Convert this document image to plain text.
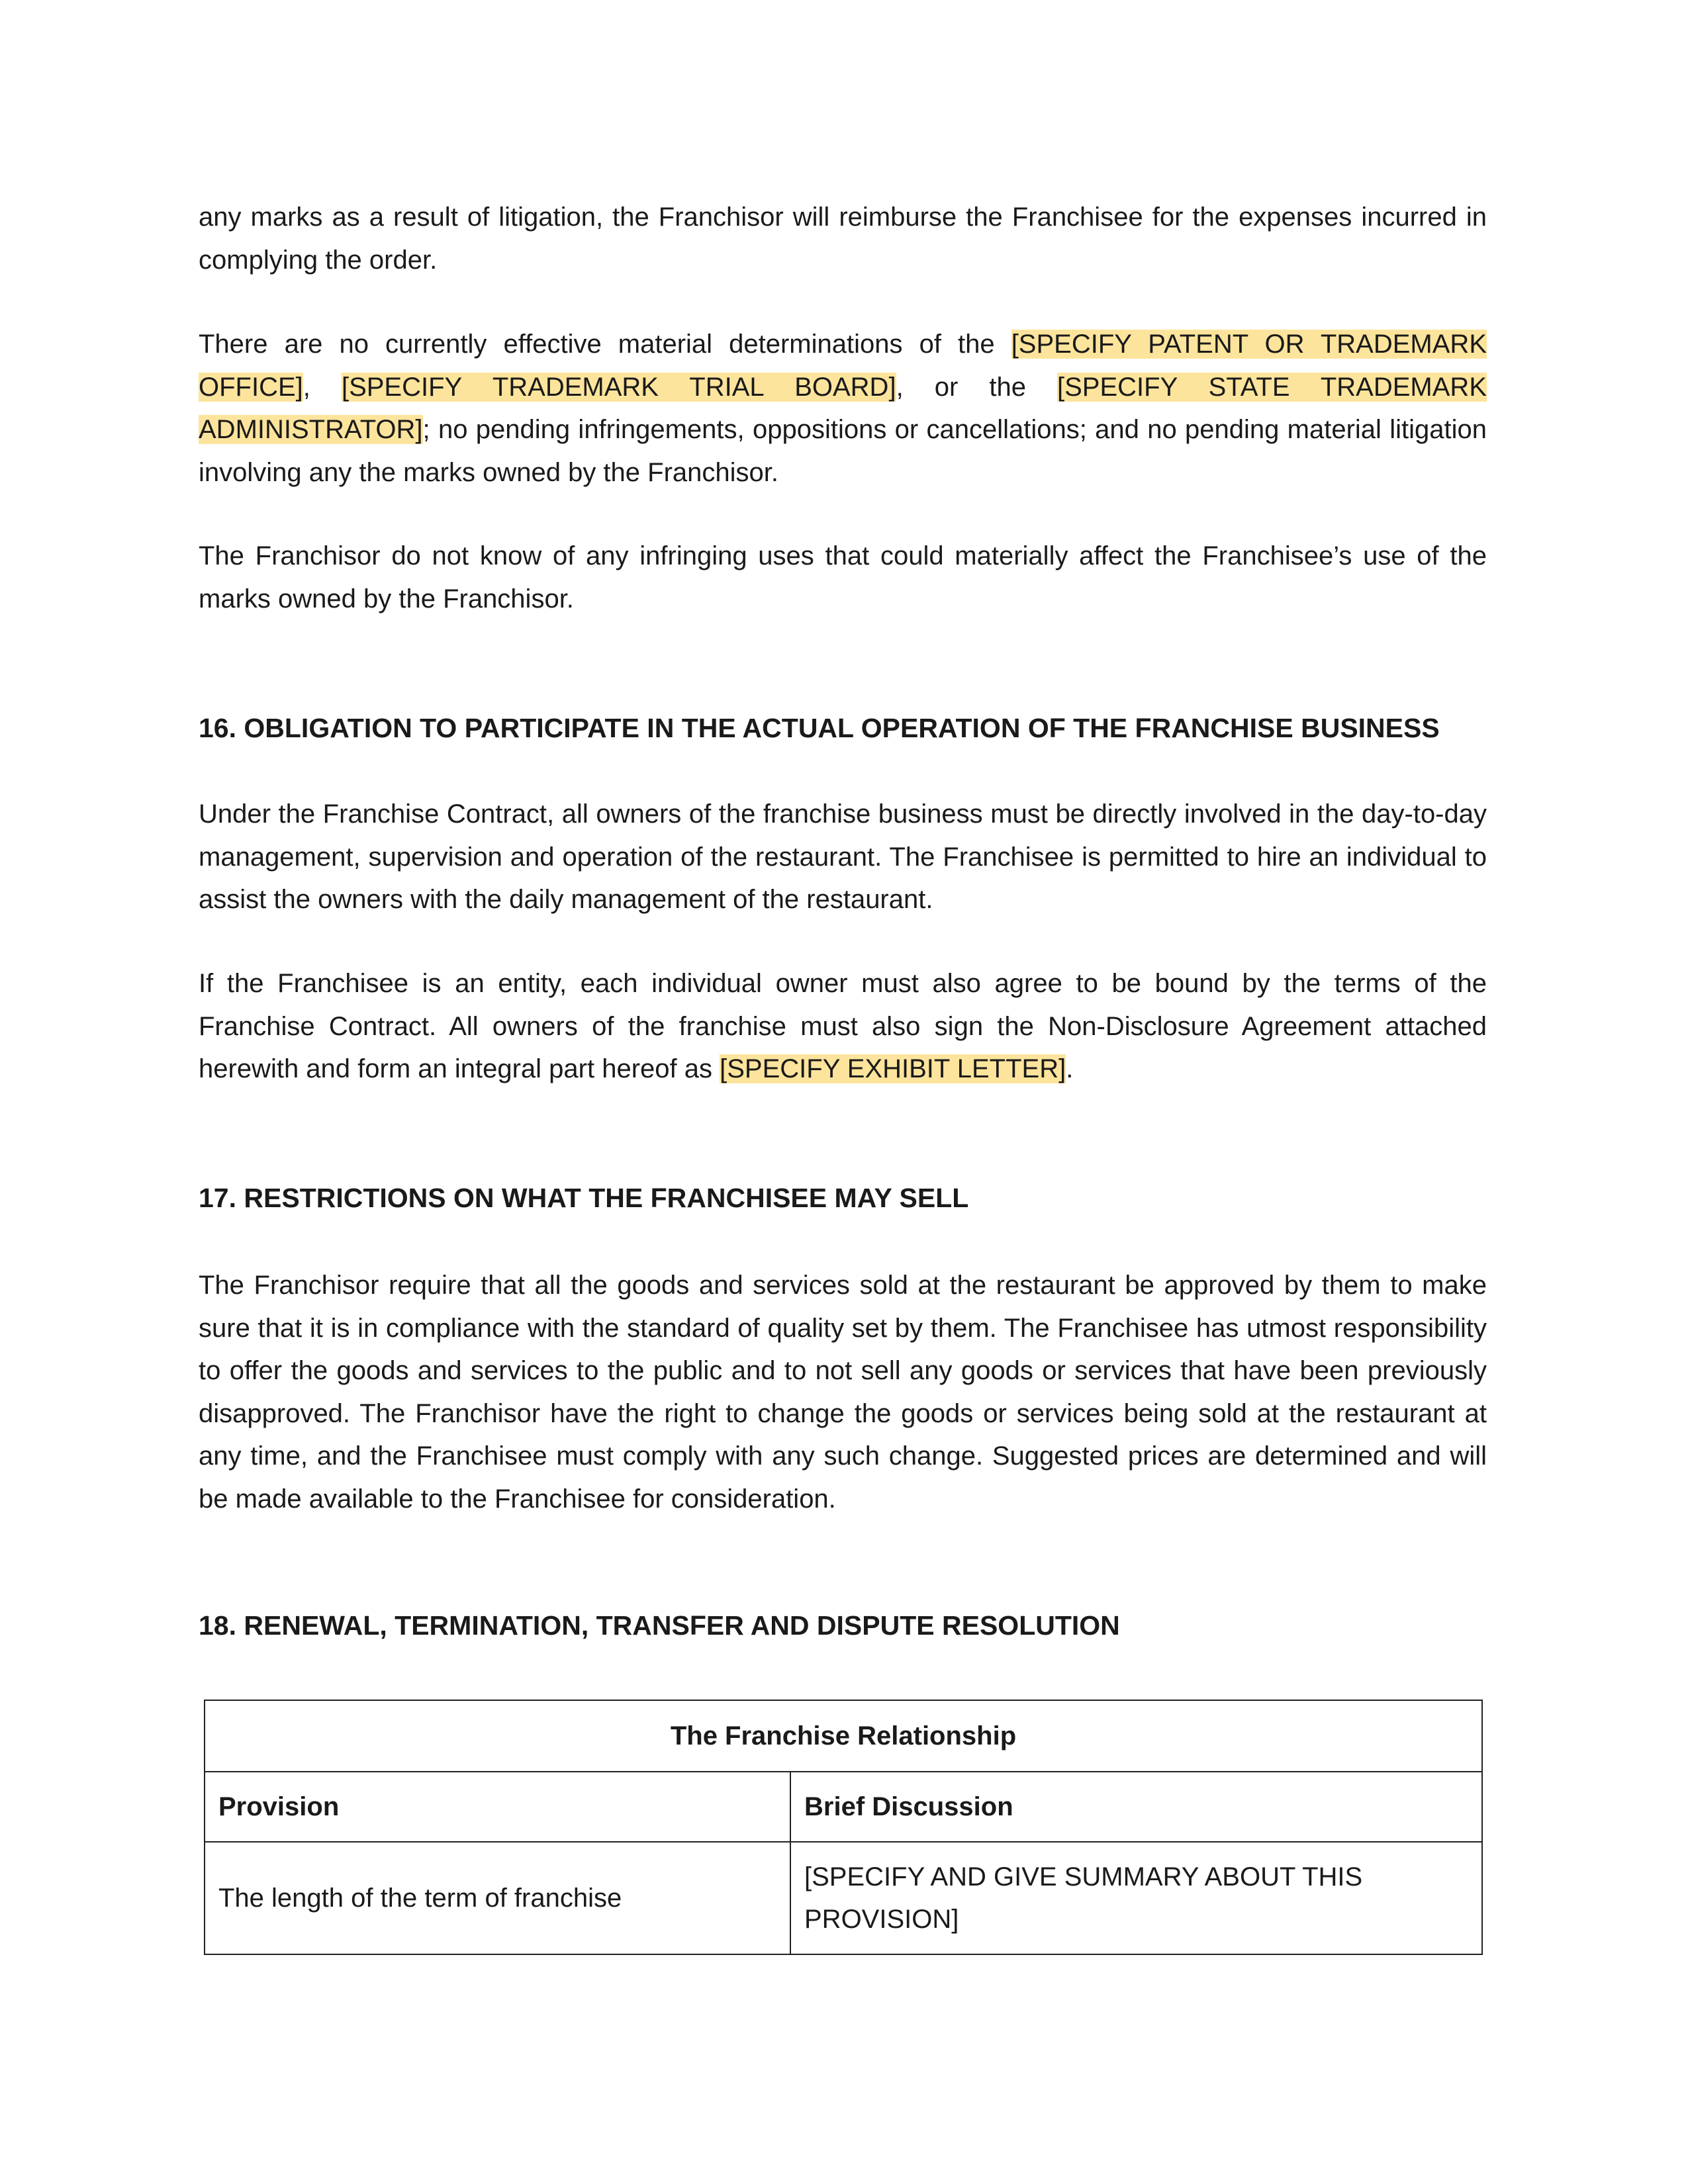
any marks as a result of litigation, the Franchisor will reimburse the Franchisee for the expenses incurred in complying the order.

There are no currently effective material determinations of the [SPECIFY PATENT OR TRADEMARK OFFICE], [SPECIFY TRADEMARK TRIAL BOARD], or the [SPECIFY STATE TRADEMARK ADMINISTRATOR]; no pending infringements, oppositions or cancellations; and no pending material litigation involving any the marks owned by the Franchisor.

The Franchisor do not know of any infringing uses that could materially affect the Franchisee’s use of the marks owned by the Franchisor.

16. OBLIGATION TO PARTICIPATE IN THE ACTUAL OPERATION OF THE FRANCHISE BUSINESS

Under the Franchise Contract, all owners of the franchise business must be directly involved in the day-to-day management, supervision and operation of the restaurant. The Franchisee is permitted to hire an individual to assist the owners with the daily management of the restaurant.

If the Franchisee is an entity, each individual owner must also agree to be bound by the terms of the Franchise Contract. All owners of the franchise must also sign the Non-Disclosure Agreement attached herewith and form an integral part hereof as [SPECIFY EXHIBIT LETTER].

17. RESTRICTIONS ON WHAT THE FRANCHISEE MAY SELL

The Franchisor require that all the goods and services sold at the restaurant be approved by them to make sure that it is in compliance with the standard of quality set by them. The Franchisee has utmost responsibility to offer the goods and services to the public and to not sell any goods or services that have been previously disapproved. The Franchisor have the right to change the goods or services being sold at the restaurant at any time, and the Franchisee must comply with any such change. Suggested prices are determined and will be made available to the Franchisee for consideration.

18. RENEWAL, TERMINATION, TRANSFER AND DISPUTE RESOLUTION
The Franchise Relationship	
Provision	Brief Discussion
The length of the term of franchise	[SPECIFY AND GIVE SUMMARY ABOUT THIS PROVISION]
